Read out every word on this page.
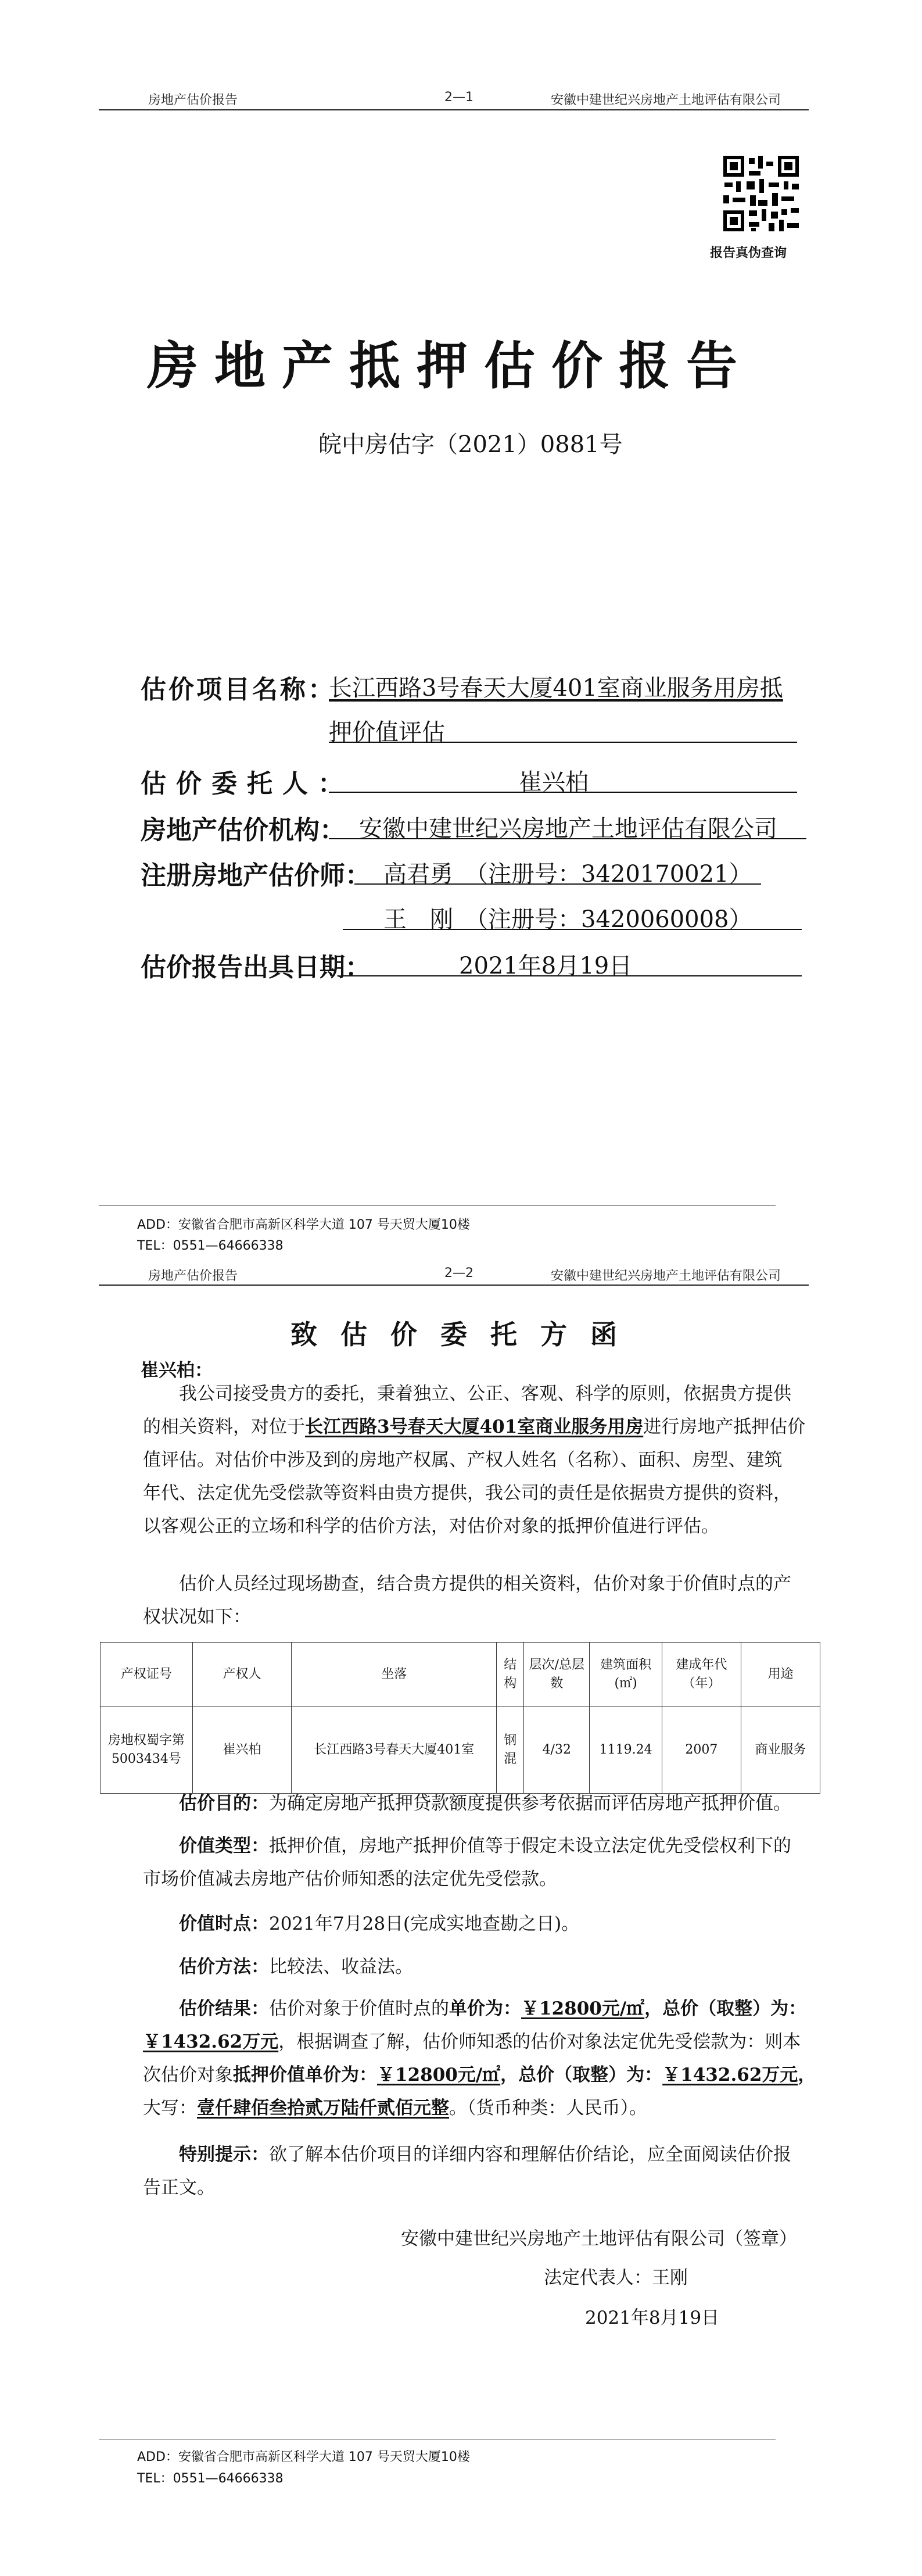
房地产估价报告	2—1	安徽中建世纪兴房地产土地评估有限公司
报告真伪查询
房地产抵押估价报告
皖中房估字（2021）0881号
估价项目名称：
长江西路3号春天大厦401室商业服务用房抵
押价值评估
估价委托人：	崔兴柏
房地产估价机构： 安徽中建世纪兴房地产土地评估有限公司
注册房地产估价师： 高君勇　（注册号：3420170021）
王　刚　（注册号：3420060008）
估价报告出具日期：	2021年8月19日
ADD：安徽省合肥市高新区科学大道 107 号天贸大厦10楼
TEL：0551—64666338
房地产估价报告	2—2	安徽中建世纪兴房地产土地评估有限公司
致估价委托方函
崔兴柏：
我公司接受贵方的委托，秉着独立、公正、客观、科学的原则，依据贵方提供
的相关资料，对位于长江西路3号春天大厦401室商业服务用房进行房地产抵押估价
值评估。对估价中涉及到的房地产权属、产权人姓名（名称）、面积、房型、建筑
年代、法定优先受偿款等资料由贵方提供，我公司的责任是依据贵方提供的资料，
以客观公正的立场和科学的估价方法，对估价对象的抵押价值进行评估。
估价人员经过现场勘查，结合贵方提供的相关资料，估价对象于价值时点的产
权状况如下：
产权证号	产权人	坐落	结构	层次/总层数	建筑面积(㎡)	建成年代（年）	用途
房地权蜀字第5003434号	崔兴柏	长江西路3号春天大厦401室	钢混	4/32	1119.24	2007	商业服务
估价目的：为确定房地产抵押贷款额度提供参考依据而评估房地产抵押价值。
价值类型：抵押价值，房地产抵押价值等于假定未设立法定优先受偿权利下的
市场价值减去房地产估价师知悉的法定优先受偿款。
价值时点：2021年7月28日(完成实地查勘之日)。
估价方法：比较法、收益法。
估价结果：估价对象于价值时点的单价为：￥12800元/㎡，总价（取整）为：
￥1432.62万元，根据调查了解，估价师知悉的估价对象法定优先受偿款为：则本
次估价对象抵押价值单价为：￥12800元/㎡，总价（取整）为：￥1432.62万元，
大写：壹仟肆佰叁拾贰万陆仟贰佰元整。（货币种类：人民币）。
特别提示：欲了解本估价项目的详细内容和理解估价结论，应全面阅读估价报
告正文。
安徽中建世纪兴房地产土地评估有限公司（签章）
法定代表人：王刚
2021年8月19日
ADD：安徽省合肥市高新区科学大道 107 号天贸大厦10楼
TEL：0551—64666338
